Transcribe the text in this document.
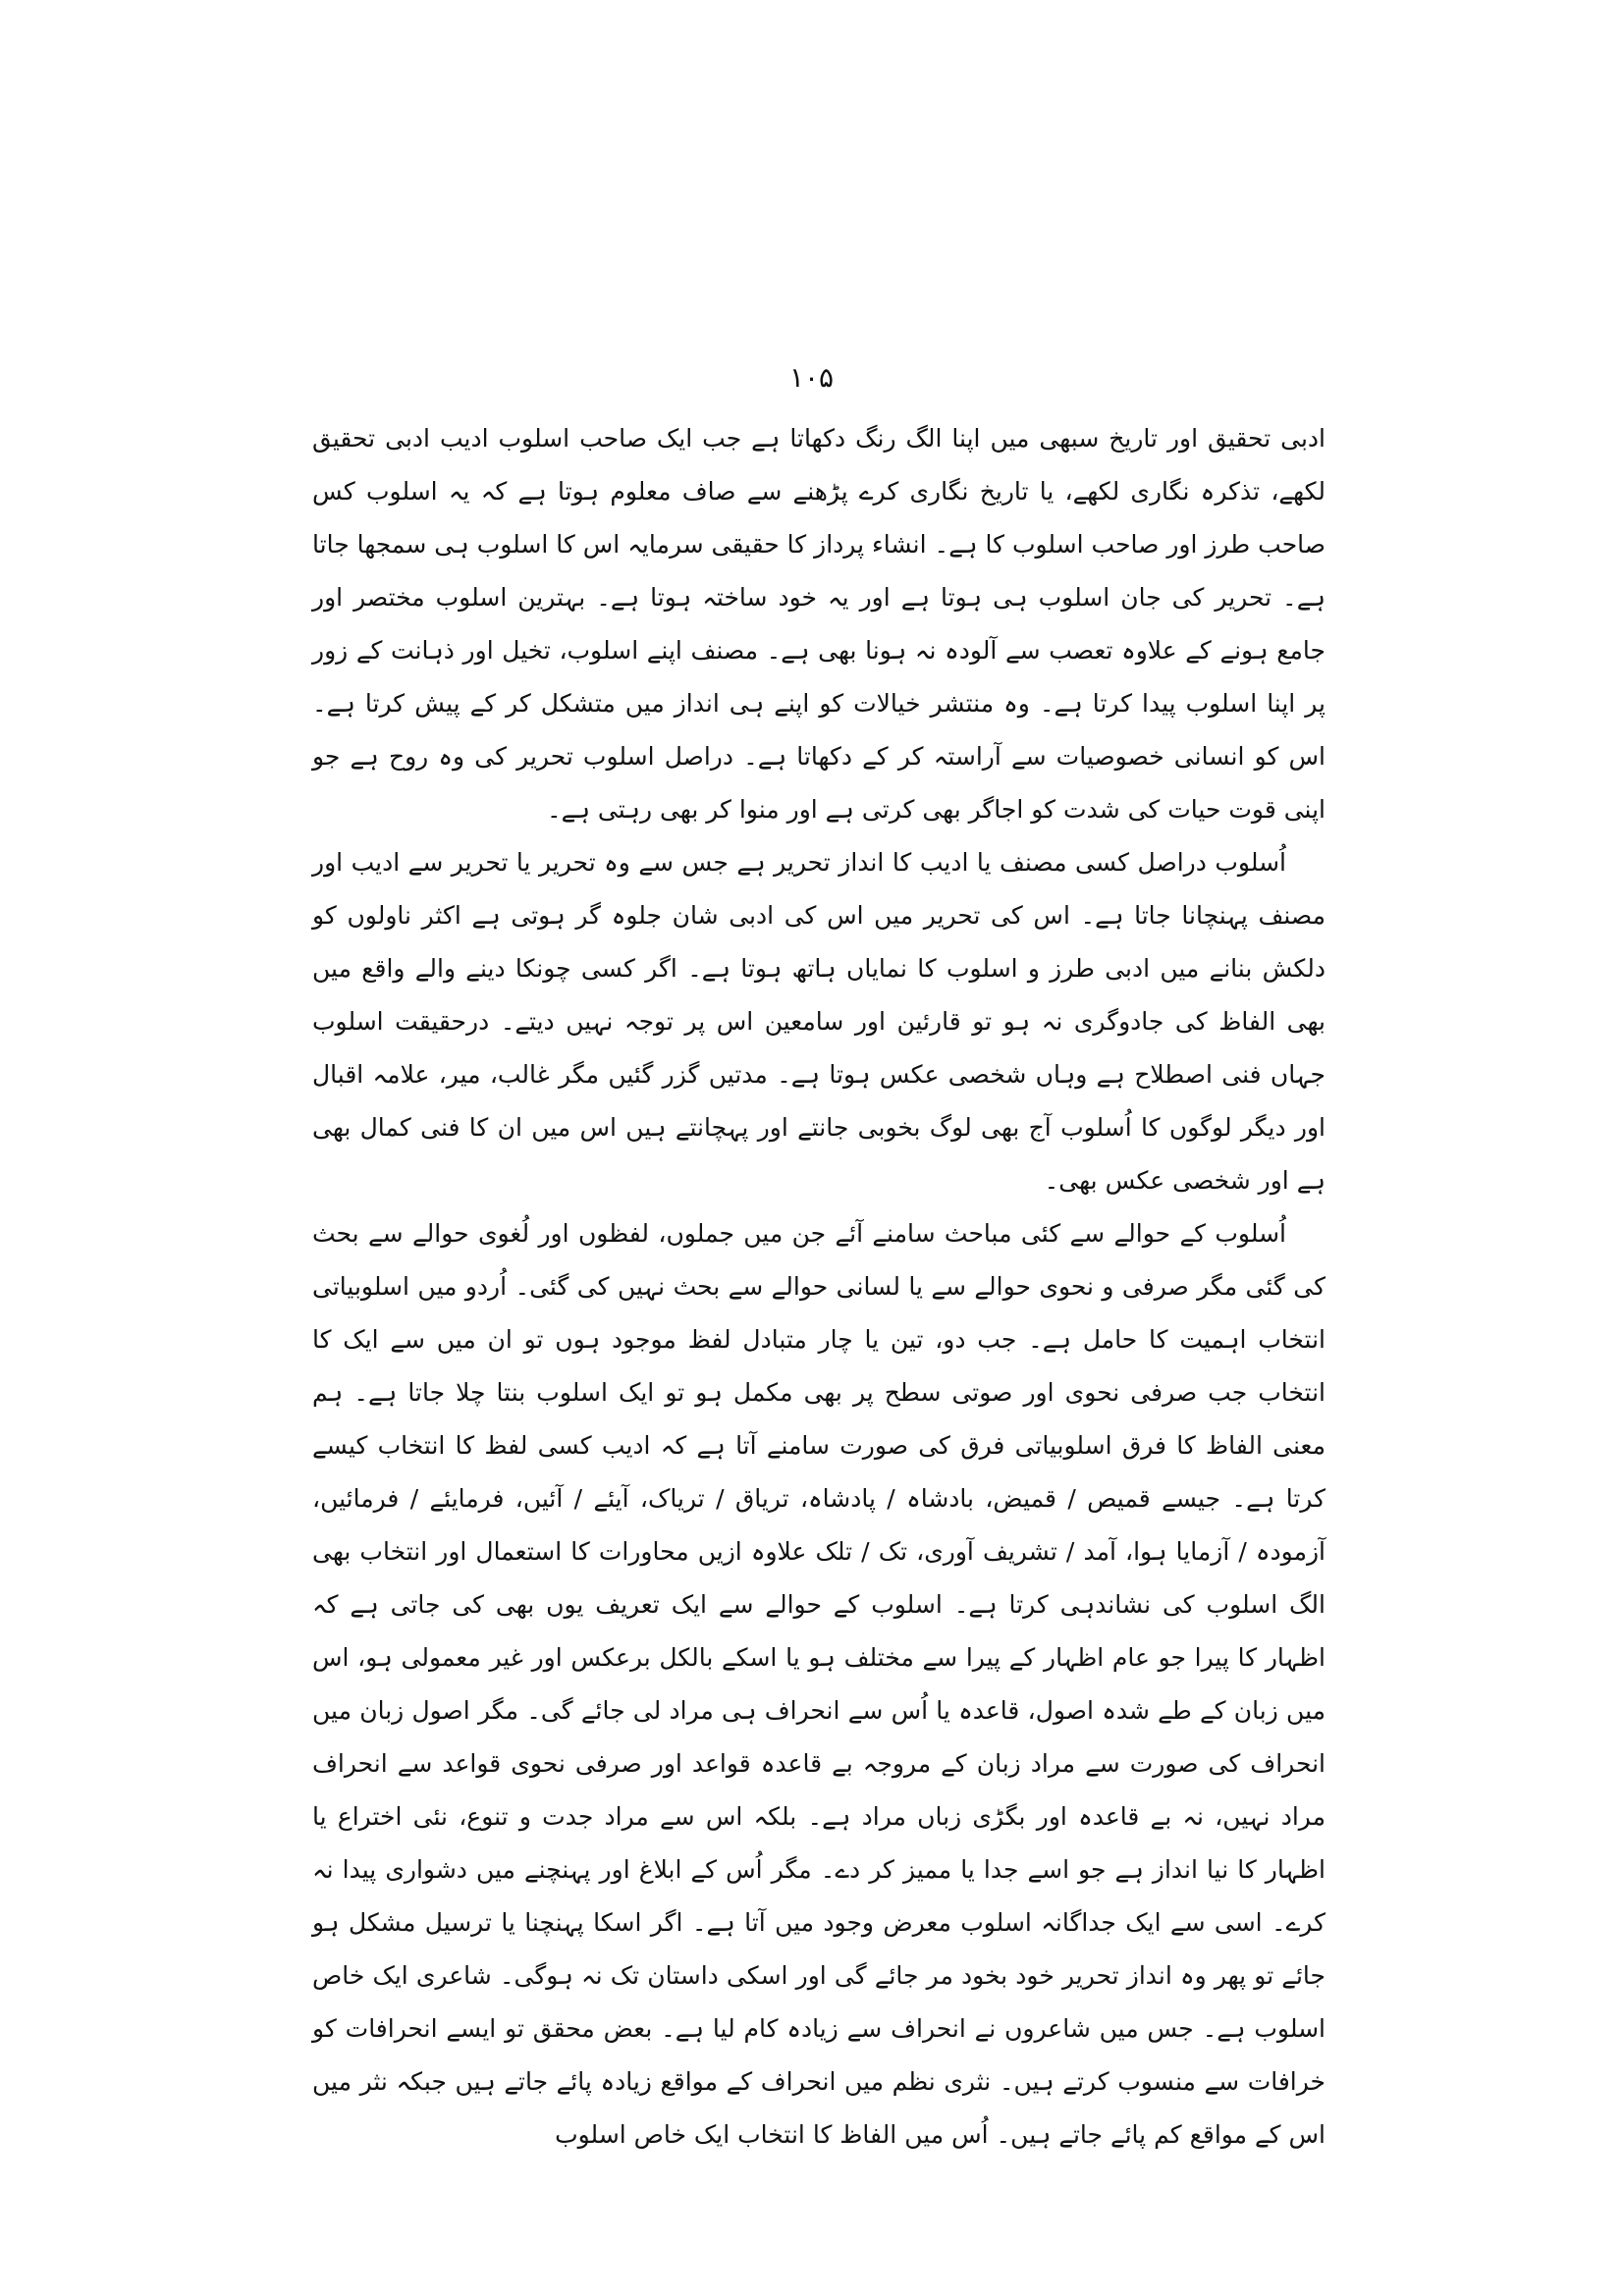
۱۰۵

ادبی تحقیق اور تاریخ سبھی میں اپنا الگ رنگ دکھاتا ہے جب ایک صاحب اسلوب ادیب ادبی تحقیق لکھے، تذکرہ نگاری لکھے، یا تاریخ نگاری کرے پڑھنے سے صاف معلوم ہوتا ہے کہ یہ اسلوب کس صاحب طرز اور صاحب اسلوب کا ہے۔ انشاء پرداز کا حقیقی سرمایہ اس کا اسلوب ہی سمجھا جاتا ہے۔ تحریر کی جان اسلوب ہی ہوتا ہے اور یہ خود ساختہ ہوتا ہے۔ بہترین اسلوب مختصر اور جامع ہونے کے علاوہ تعصب سے آلودہ نہ ہونا بھی ہے۔ مصنف اپنے اسلوب، تخیل اور ذہانت کے زور پر اپنا اسلوب پیدا کرتا ہے۔ وہ منتشر خیالات کو اپنے ہی انداز میں متشکل کر کے پیش کرتا ہے۔ اس کو انسانی خصوصیات سے آراستہ کر کے دکھاتا ہے۔ دراصل اسلوب تحریر کی وہ روح ہے جو اپنی قوت حیات کی شدت کو اجاگر بھی کرتی ہے اور منوا کر بھی رہتی ہے۔

اُسلوب دراصل کسی مصنف یا ادیب کا انداز تحریر ہے جس سے وہ تحریر یا تحریر سے ادیب اور مصنف پہنچانا جاتا ہے۔ اس کی تحریر میں اس کی ادبی شان جلوہ گر ہوتی ہے اکثر ناولوں کو دلکش بنانے میں ادبی طرز و اسلوب کا نمایاں ہاتھ ہوتا ہے۔ اگر کسی چونکا دینے والے واقع میں بھی الفاظ کی جادوگری نہ ہو تو قارئین اور سامعین اس پر توجہ نہیں دیتے۔ درحقیقت اسلوب جہاں فنی اصطلاح ہے وہاں شخصی عکس ہوتا ہے۔ مدتیں گزر گئیں مگر غالب، میر، علامہ اقبال اور دیگر لوگوں کا اُسلوب آج بھی لوگ بخوبی جانتے اور پہچانتے ہیں اس میں ان کا فنی کمال بھی ہے اور شخصی عکس بھی۔

اُسلوب کے حوالے سے کئی مباحث سامنے آئے جن میں جملوں، لفظوں اور لُغوی حوالے سے بحث کی گئی مگر صرفی و نحوی حوالے سے یا لسانی حوالے سے بحث نہیں کی گئی۔ اُردو میں اسلوبیاتی انتخاب اہمیت کا حامل ہے۔ جب دو، تین یا چار متبادل لفظ موجود ہوں تو ان میں سے ایک کا انتخاب جب صرفی نحوی اور صوتی سطح پر بھی مکمل ہو تو ایک اسلوب بنتا چلا جاتا ہے۔ ہم معنی الفاظ کا فرق اسلوبیاتی فرق کی صورت سامنے آتا ہے کہ ادیب کسی لفظ کا انتخاب کیسے کرتا ہے۔ جیسے قمیص / قمیض، بادشاہ / پادشاہ، تریاق / تریاک، آیئے / آئیں، فرمایئے / فرمائیں، آزمودہ / آزمایا ہوا، آمد / تشریف آوری، تک / تلک علاوہ ازیں محاورات کا استعمال اور انتخاب بھی الگ اسلوب کی نشاندہی کرتا ہے۔ اسلوب کے حوالے سے ایک تعریف یوں بھی کی جاتی ہے کہ اظہار کا پیرا جو عام اظہار کے پیرا سے مختلف ہو یا اسکے بالکل برعکس اور غیر معمولی ہو، اس میں زبان کے طے شدہ اصول، قاعدہ یا اُس سے انحراف ہی مراد لی جائے گی۔ مگر اصول زبان میں انحراف کی صورت سے مراد زبان کے مروجہ بے قاعدہ قواعد اور صرفی نحوی قواعد سے انحراف مراد نہیں، نہ بے قاعدہ اور بگڑی زباں مراد ہے۔ بلکہ اس سے مراد جدت و تنوع، نئی اختراع یا اظہار کا نیا انداز ہے جو اسے جدا یا ممیز کر دے۔ مگر اُس کے ابلاغ اور پہنچنے میں دشواری پیدا نہ کرے۔ اسی سے ایک جداگانہ اسلوب معرض وجود میں آتا ہے۔ اگر اسکا پہنچنا یا ترسیل مشکل ہو جائے تو پھر وہ انداز تحریر خود بخود مر جائے گی اور اسکی داستان تک نہ ہوگی۔ شاعری ایک خاص اسلوب ہے۔ جس میں شاعروں نے انحراف سے زیادہ کام لیا ہے۔ بعض محقق تو ایسے انحرافات کو خرافات سے منسوب کرتے ہیں۔ نثری نظم میں انحراف کے مواقع زیادہ پائے جاتے ہیں جبکہ نثر میں اس کے مواقع کم پائے جاتے ہیں۔ اُس میں الفاظ کا انتخاب ایک خاص اسلوب
